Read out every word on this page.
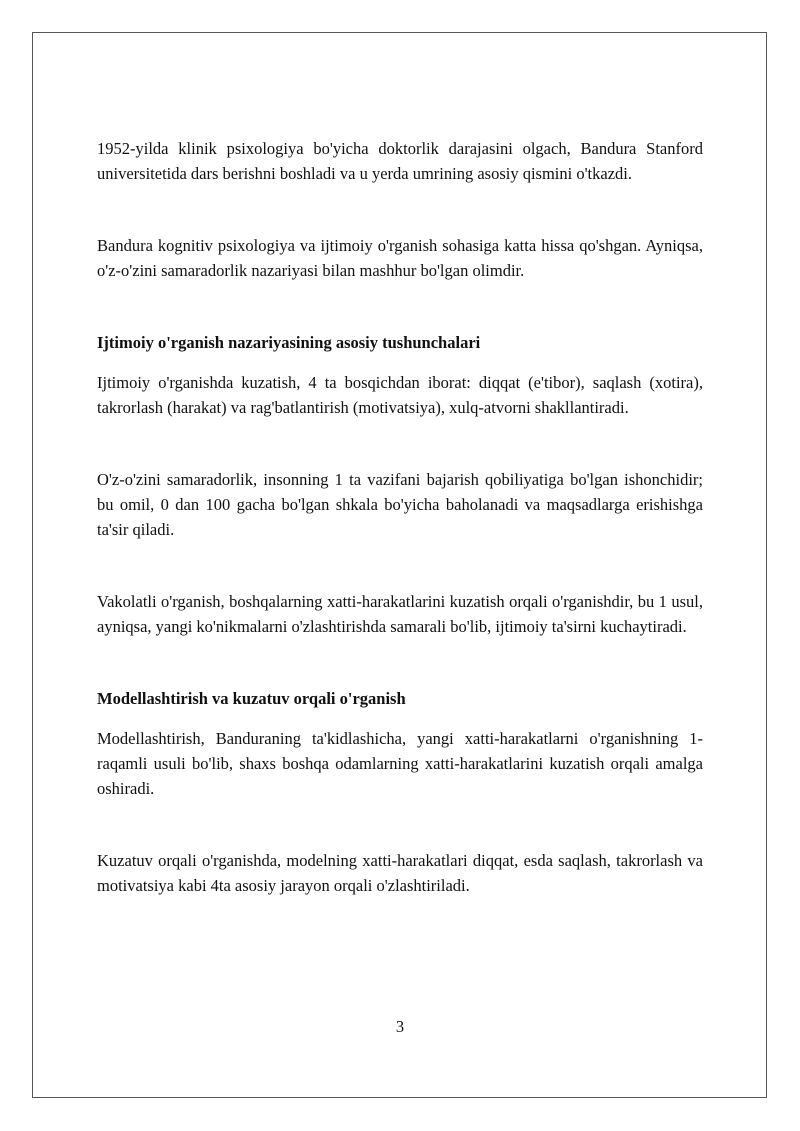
1952-yilda klinik psixologiya bo'yicha doktorlik darajasini olgach, Bandura Stanford universitetida dars berishni boshladi va u yerda umrining asosiy qismini o'tkazdi.

Bandura kognitiv psixologiya va ijtimoiy o'rganish sohasiga katta hissa qo'shgan. Ayniqsa, o'z-o'zini samaradorlik nazariyasi bilan mashhur bo'lgan olimdir.

Ijtimoiy o'rganish nazariyasining asosiy tushunchalari

Ijtimoiy o'rganishda kuzatish, 4 ta bosqichdan iborat: diqqat (e'tibor), saqlash (xotira), takrorlash (harakat) va rag'batlantirish (motivatsiya), xulq-atvorni shakllantiradi.

O'z-o'zini samaradorlik, insonning 1 ta vazifani bajarish qobiliyatiga bo'lgan ishonchidir; bu omil, 0 dan 100 gacha bo'lgan shkala bo'yicha baholanadi va maqsadlarga erishishga ta'sir qiladi.

Vakolatli o'rganish, boshqalarning xatti-harakatlarini kuzatish orqali o'rganishdir, bu 1 usul, ayniqsa, yangi ko'nikmalarni o'zlashtirishda samarali bo'lib, ijtimoiy ta'sirni kuchaytiradi.

Modellashtirish va kuzatuv orqali o'rganish

Modellashtirish, Banduraning ta'kidlashicha, yangi xatti-harakatlarni o'rganishning 1-raqamli usuli bo'lib, shaxs boshqa odamlarning xatti-harakatlarini kuzatish orqali amalga oshiradi.

Kuzatuv orqali o'rganishda, modelning xatti-harakatlari diqqat, esda saqlash, takrorlash va motivatsiya kabi 4ta asosiy jarayon orqali o'zlashtiriladi.

3
